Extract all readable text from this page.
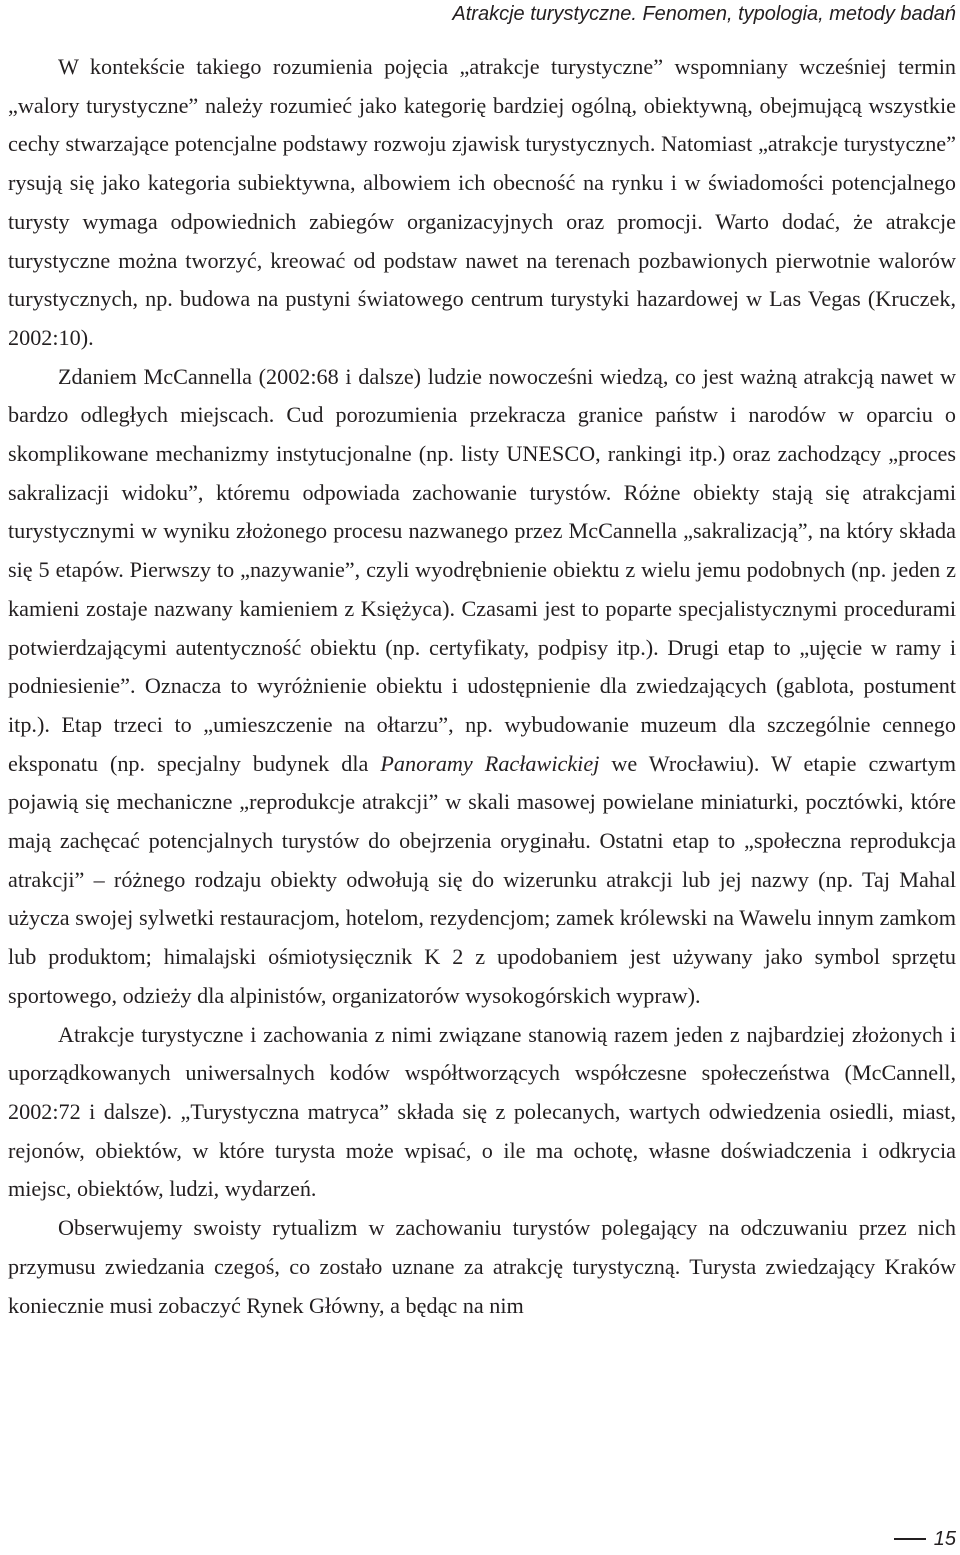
Atrakcje turystyczne. Fenomen, typologia, metody badań

W kontekście takiego rozumienia pojęcia „atrakcje turystyczne” wspomniany wcześniej termin „walory turystyczne” należy rozumieć jako kategorię bardziej ogólną, obiektywną, obejmującą wszystkie cechy stwarzające potencjalne podstawy rozwoju zjawisk turystycznych. Natomiast „atrakcje turystyczne” rysują się jako kategoria subiektywna, albowiem ich obecność na rynku i w świadomości potencjalnego turysty wymaga odpowiednich zabiegów organizacyjnych oraz promocji. Warto dodać, że atrakcje turystyczne można tworzyć, kreować od podstaw nawet na terenach pozbawionych pierwotnie walorów turystycznych, np. budowa na pustyni światowego centrum turystyki hazardowej w Las Vegas (Kruczek, 2002:10).

Zdaniem McCannella (2002:68 i dalsze) ludzie nowocześni wiedzą, co jest ważną atrakcją nawet w bardzo odległych miejscach. Cud porozumienia przekracza granice państw i narodów w oparciu o skomplikowane mechanizmy instytucjonalne (np. listy UNESCO, rankingi itp.) oraz zachodzący „proces sakralizacji widoku”, któremu odpowiada zachowanie turystów. Różne obiekty stają się atrakcjami turystycznymi w wyniku złożonego procesu nazwanego przez McCannella „sakralizacją”, na który składa się 5 etapów. Pierwszy to „nazywanie”, czyli wyodrębnienie obiektu z wielu jemu podobnych (np. jeden z kamieni zostaje nazwany kamieniem z Księżyca). Czasami jest to poparte specjalistycznymi procedurami potwierdzającymi autentyczność obiektu (np. certyfikaty, podpisy itp.). Drugi etap to „ujęcie w ramy i podniesienie”. Oznacza to wyróżnienie obiektu i udostępnienie dla zwiedzających (gablota, postument itp.). Etap trzeci to „umieszczenie na ołtarzu”, np. wybudowanie muzeum dla szczególnie cennego eksponatu (np. specjalny budynek dla Panoramy Racławickiej we Wrocławiu). W etapie czwartym pojawią się mechaniczne „reprodukcje atrakcji” w skali masowej powielane miniaturki, pocztówki, które mają zachęcać potencjalnych turystów do obejrzenia oryginału. Ostatni etap to „społeczna reprodukcja atrakcji” – różnego rodzaju obiekty odwołują się do wizerunku atrakcji lub jej nazwy (np. Taj Mahal użycza swojej sylwetki restauracjom, hotelom, rezydencjom; zamek królewski na Wawelu innym zamkom lub produktom; himalajski ośmiotysięcznik K 2 z upodobaniem jest używany jako symbol sprzętu sportowego, odzieży dla alpinistów, organizatorów wysokogórskich wypraw).

Atrakcje turystyczne i zachowania z nimi związane stanowią razem jeden z najbardziej złożonych i uporządkowanych uniwersalnych kodów współtworzących współczesne społeczeństwa (McCannell, 2002:72 i dalsze). „Turystyczna matryca” składa się z polecanych, wartych odwiedzenia osiedli, miast, rejonów, obiektów, w które turysta może wpisać, o ile ma ochotę, własne doświadczenia i odkrycia miejsc, obiektów, ludzi, wydarzeń.

Obserwujemy swoisty rytualizm w zachowaniu turystów polegający na odczuwaniu przez nich przymusu zwiedzania czegoś, co zostało uznane za atrakcję turystyczną. Turysta zwiedzający Kraków koniecznie musi zobaczyć Rynek Główny, a będąc na nim

15
